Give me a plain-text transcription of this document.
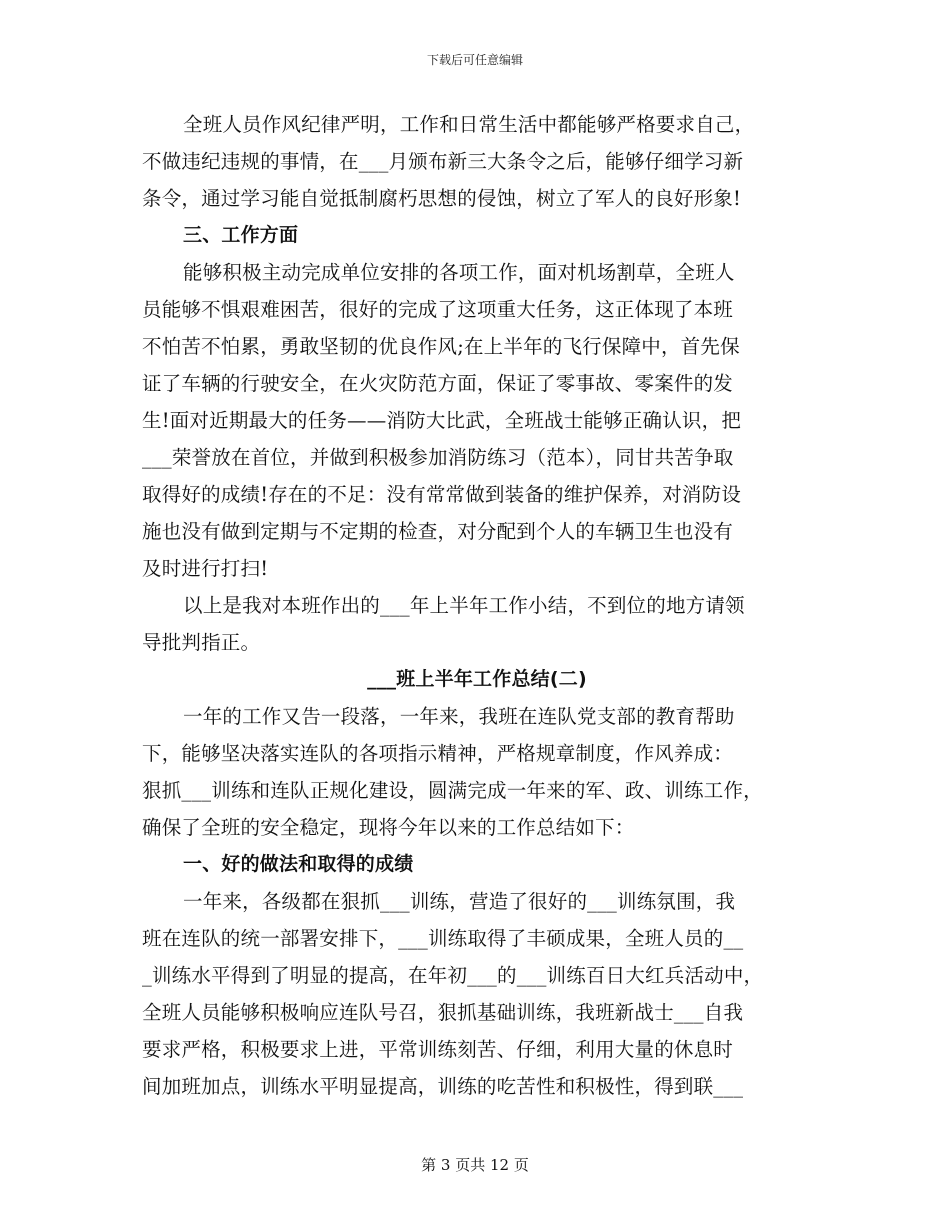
下载后可任意编辑
全班人员作风纪律严明，工作和日常生活中都能够严格要求自己，
不做违纪违规的事情，在___月颁布新三大条令之后，能够仔细学习新
条令，通过学习能自觉抵制腐朽思想的侵蚀，树立了军人的良好形象!
三、工作方面
能够积极主动完成单位安排的各项工作，面对机场割草，全班人
员能够不惧艰难困苦，很好的完成了这项重大任务，这正体现了本班
不怕苦不怕累，勇敢坚韧的优良作风;在上半年的飞行保障中，首先保
证了车辆的行驶安全，在火灾防范方面，保证了零事故、零案件的发
生!面对近期最大的任务——消防大比武，全班战士能够正确认识，把
___荣誉放在首位，并做到积极参加消防练习（范本），同甘共苦争取
取得好的成绩!存在的不足：没有常常做到装备的维护保养，对消防设
施也没有做到定期与不定期的检查，对分配到个人的车辆卫生也没有
及时进行打扫!
以上是我对本班作出的___年上半年工作小结，不到位的地方请领
导批判指正。
___班上半年工作总结(二)
一年的工作又告一段落，一年来，我班在连队党支部的教育帮助
下，能够坚决落实连队的各项指示精神，严格规章制度，作风养成：
狠抓___训练和连队正规化建设，圆满完成一年来的军、政、训练工作，
确保了全班的安全稳定，现将今年以来的工作总结如下：
一、好的做法和取得的成绩
一年来，各级都在狠抓___训练，营造了很好的___训练氛围，我
班在连队的统一部署安排下，___训练取得了丰硕成果，全班人员的__
_训练水平得到了明显的提高，在年初___的___训练百日大红兵活动中，
全班人员能够积极响应连队号召，狠抓基础训练，我班新战士___自我
要求严格，积极要求上进，平常训练刻苦、仔细，利用大量的休息时
间加班加点，训练水平明显提高，训练的吃苦性和积极性，得到联___
第 3 页共 12 页
